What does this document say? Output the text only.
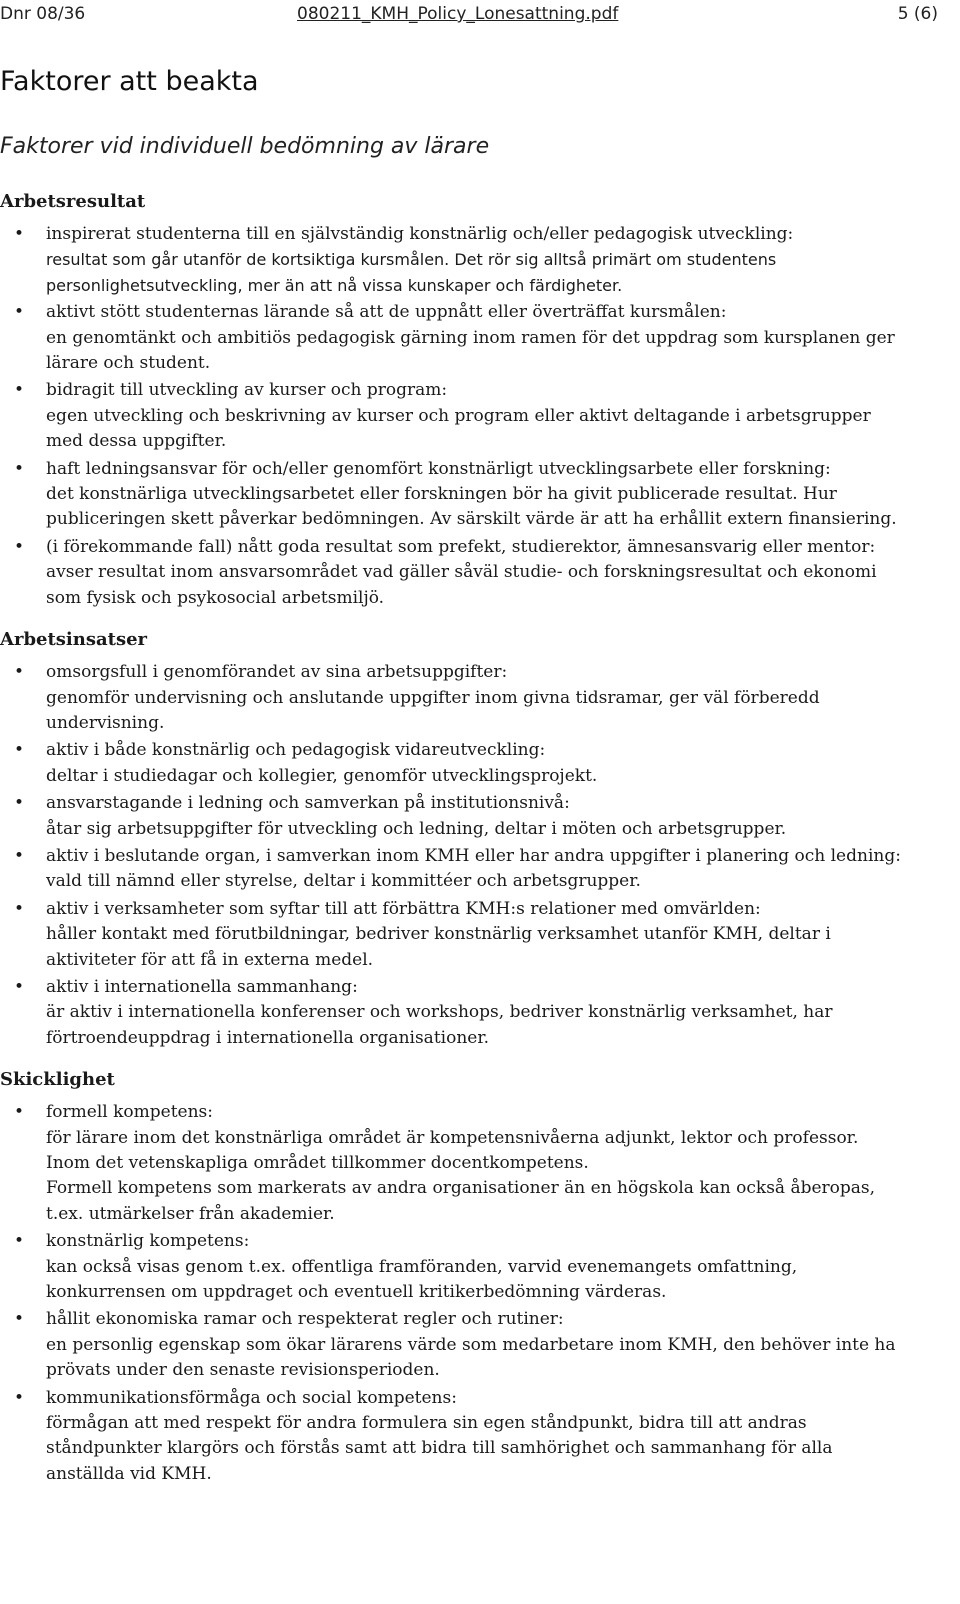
Dnr 08/36	080211_KMH_Policy_Lonesattning.pdf	5 (6)
Faktorer att beakta
Faktorer vid individuell bedömning av lärare
Arbetsresultat
• inspirerat studenterna till en självständig konstnärlig och/eller pedagogisk utveckling:
resultat som går utanför de kortsiktiga kursmålen. Det rör sig alltså primärt om studentens personlighetsutveckling, mer än att nå vissa kunskaper och färdigheter.
• aktivt stött studenternas lärande så att de uppnått eller överträffat kursmålen:
en genomtänkt och ambitiös pedagogisk gärning inom ramen för det uppdrag som kursplanen ger lärare och student.
• bidragit till utveckling av kurser och program:
egen utveckling och beskrivning av kurser och program eller aktivt deltagande i arbetsgrupper med dessa uppgifter.
• haft ledningsansvar för och/eller genomfört konstnärligt utvecklingsarbete eller forskning:
det konstnärliga utvecklingsarbetet eller forskningen bör ha givit publicerade resultat. Hur publiceringen skett påverkar bedömningen. Av särskilt värde är att ha erhållit extern finansiering.
• (i förekommande fall) nått goda resultat som prefekt, studierektor, ämnesansvarig eller mentor:
avser resultat inom ansvarsområdet vad gäller såväl studie- och forskningsresultat och ekonomi som fysisk och psykosocial arbetsmiljö.
Arbetsinsatser
• omsorgsfull i genomförandet av sina arbetsuppgifter:
genomför undervisning och anslutande uppgifter inom givna tidsramar, ger väl förberedd undervisning.
• aktiv i både konstnärlig och pedagogisk vidareutveckling:
deltar i studiedagar och kollegier, genomför utvecklingsprojekt.
• ansvarstagande i ledning och samverkan på institutionsnivå:
åtar sig arbetsuppgifter för utveckling och ledning, deltar i möten och arbetsgrupper.
• aktiv i beslutande organ, i samverkan inom KMH eller har andra uppgifter i planering och ledning:
vald till nämnd eller styrelse, deltar i kommittéer och arbetsgrupper.
• aktiv i verksamheter som syftar till att förbättra KMH:s relationer med omvärlden:
håller kontakt med förutbildningar, bedriver konstnärlig verksamhet utanför KMH, deltar i aktiviteter för att få in externa medel.
• aktiv i internationella sammanhang:
är aktiv i internationella konferenser och workshops, bedriver konstnärlig verksamhet, har förtroendeuppdrag i internationella organisationer.
Skicklighet
• formell kompetens:
för lärare inom det konstnärliga området är kompetensnivåerna adjunkt, lektor och professor.
Inom det vetenskapliga området tillkommer docentkompetens.
Formell kompetens som markerats av andra organisationer än en högskola kan också åberopas, t.ex. utmärkelser från akademier.
• konstnärlig kompetens:
kan också visas genom t.ex. offentliga framföranden, varvid evenemangets omfattning, konkurrensen om uppdraget och eventuell kritikerbedömning värderas.
• hållit ekonomiska ramar och respekterat regler och rutiner:
en personlig egenskap som ökar lärarens värde som medarbetare inom KMH, den behöver inte ha prövats under den senaste revisionsperioden.
• kommunikationsförmåga och social kompetens:
förmågan att med respekt för andra formulera sin egen ståndpunkt, bidra till att andras ståndpunkter klargörs och förstås samt att bidra till samhörighet och sammanhang för alla anställda vid KMH.
